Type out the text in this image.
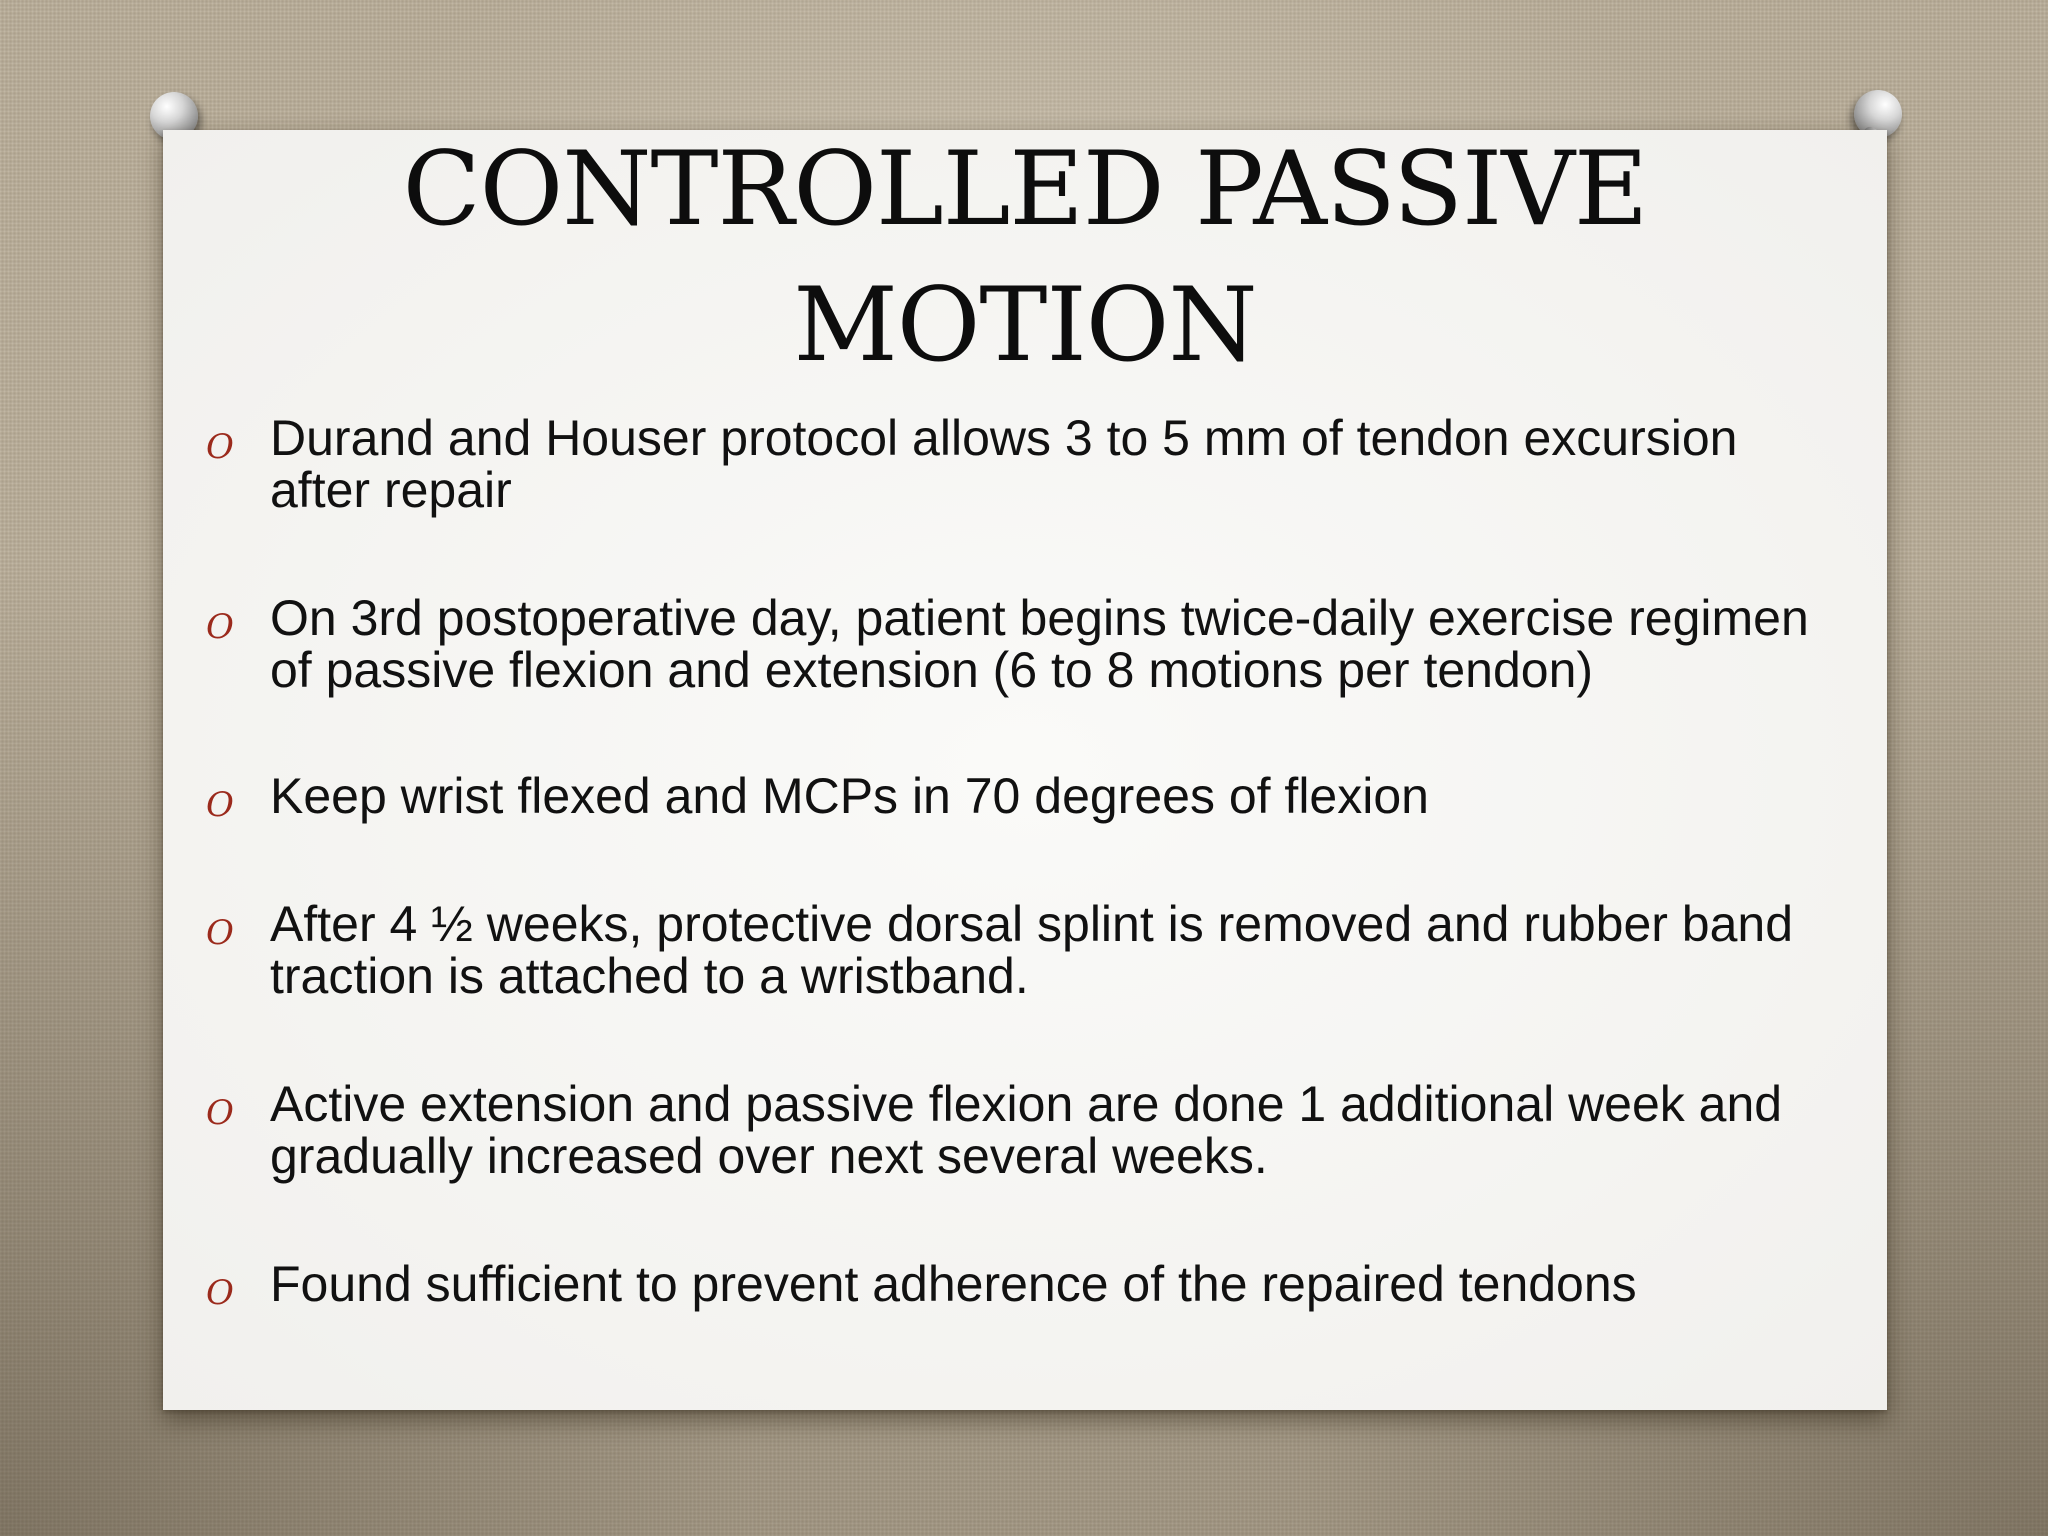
CONTROLLED PASSIVE
MOTION
O Durand and Houser protocol allows 3 to 5 mm of tendon excursion after repair
O On 3rd postoperative day, patient begins twice-daily exercise regimen of passive flexion and extension (6 to 8 motions per tendon)
O Keep wrist flexed and MCPs in 70 degrees of flexion
O After 4 ½ weeks, protective dorsal splint is removed and rubber band traction is attached to a wristband.
O Active extension and passive flexion are done 1 additional week and gradually increased over next several weeks.
O Found sufficient to prevent adherence of the repaired tendons
